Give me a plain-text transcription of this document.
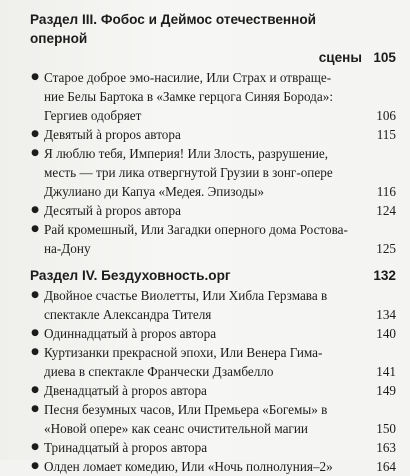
Раздел III. Фобос и Деймос отечественной оперной
сцены 105
● Старое доброе эмо-насилие, Или Страх и отвраще-
ние Белы Бартока в «Замке герцога Синяя Борода»:
Гергиев одобряет	106
● Девятый à propos автора	115
● Я люблю тебя, Империя! Или Злость, разрушение,
месть — три лика отвергнутой Грузии в зонг-опере
Джулиано ди Капуа «Медея. Эпизоды»	116
● Десятый à propos автора	124
● Рай кромешный, Или Загадки оперного дома Ростова-на-Дону	125
Раздел IV. Бездуховность.орг	132
● Двойное счастье Виолетты, Или Хибла Герзмава в
спектакле Александра Тителя	134
● Одиннадцатый à propos автора	140
● Куртизанки прекрасной эпохи, Или Венера Гима-
диева в спектакле Франчески Дзамбелло	141
● Двенадцатый à propos автора	149
● Песня безумных часов, Или Премьера «Богемы» в
«Новой опере» как сеанс очистительной магии	150
● Тринадцатый à propos автора	163
● Олден ломает комедию, Или «Ночь полнолуния–2»	164
